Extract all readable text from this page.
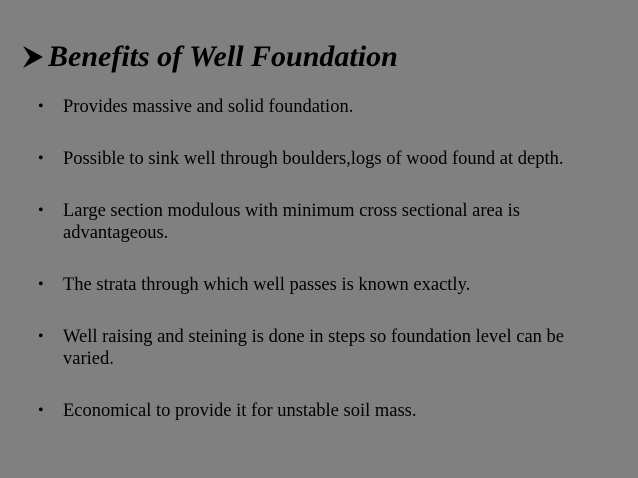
Benefits of Well Foundation
• Provides massive and solid foundation.
• Possible to sink well through boulders,logs of wood found at depth.
• Large section modulous with minimum cross sectional area is advantageous.
• The strata through which well passes is known exactly.
• Well raising and steining is done in steps so foundation level can be varied.
• Economical to provide it for unstable soil mass.
